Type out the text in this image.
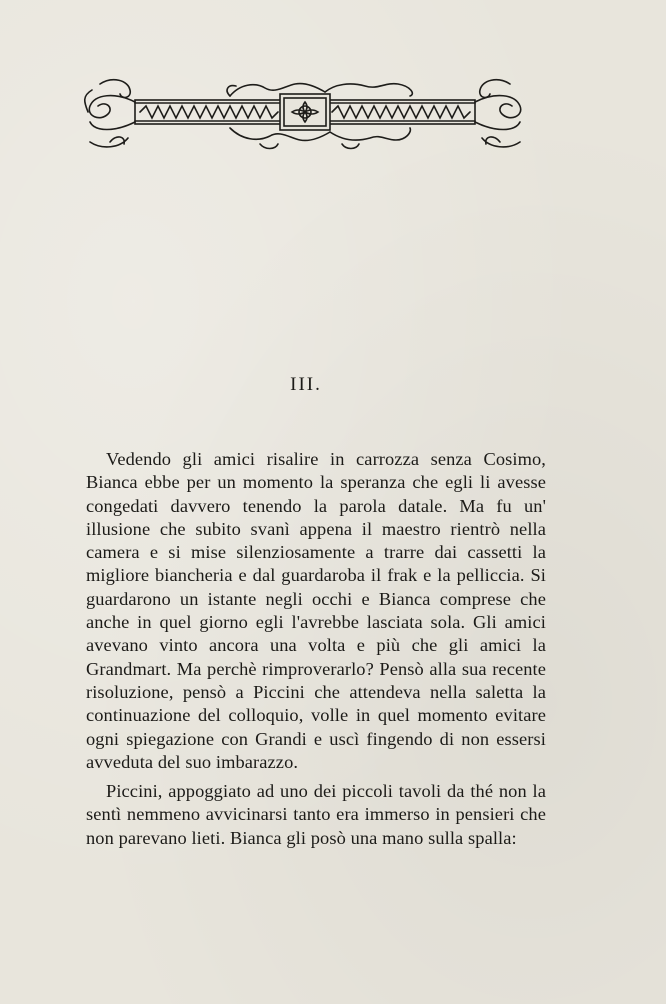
III.

Vedendo gli amici risalire in carrozza senza Cosimo, Bianca ebbe per un momento la speranza che egli li avesse congedati davvero tenendo la parola datale. Ma fu un' illusione che subito svanì appena il maestro rientrò nella camera e si mise silenziosamente a trarre dai cassetti la migliore biancheria e dal guardaroba il frak e la pelliccia. Si guardarono un istante negli occhi e Bianca comprese che anche in quel giorno egli l'avrebbe lasciata sola. Gli amici avevano vinto ancora una volta e più che gli amici la Grandmart. Ma perchè rimproverarlo? Pensò alla sua recente risoluzione, pensò a Piccini che attendeva nella saletta la continuazione del colloquio, volle in quel momento evitare ogni spiegazione con Grandi e uscì fingendo di non essersi avveduta del suo imbarazzo.

Piccini, appoggiato ad uno dei piccoli tavoli da thé non la sentì nemmeno avvicinarsi tanto era immerso in pensieri che non parevano lieti. Bianca gli posò una mano sulla spalla:
